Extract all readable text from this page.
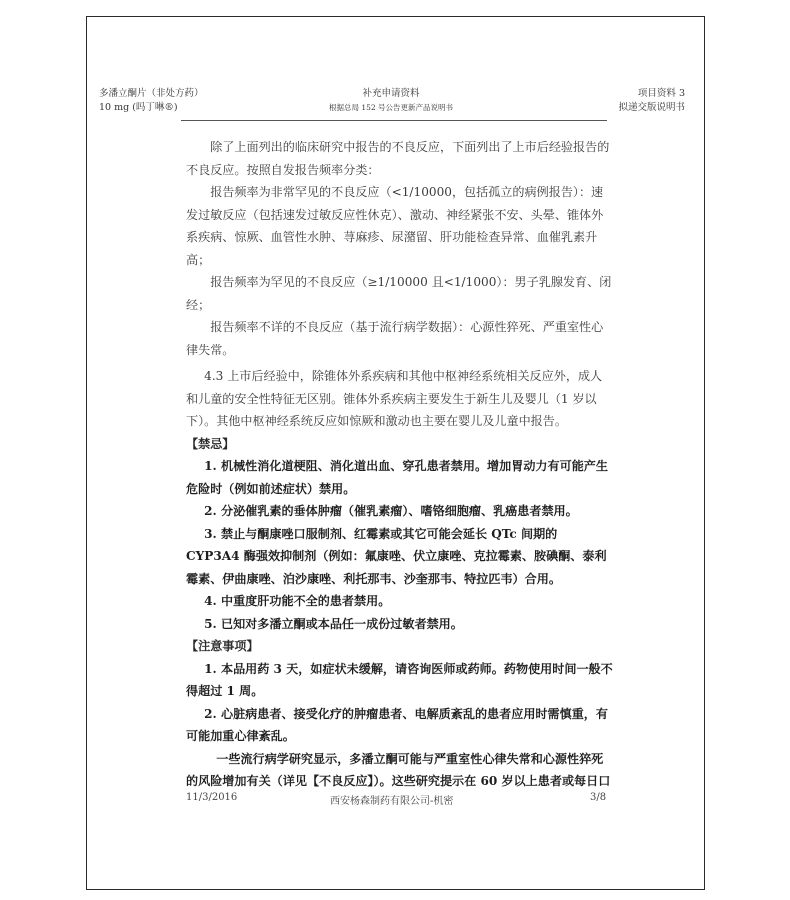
多潘立酮片（非处方药）
10 mg (吗丁啉®)
补充申请资料
根据总局 152 号公告更新产品说明书
项目资料 3
拟递交版说明书

除了上面列出的临床研究中报告的不良反应，下面列出了上市后经验报告的不良反应。按照自发报告频率分类：

报告频率为非常罕见的不良反应（<1/10000，包括孤立的病例报告）：速发过敏反应（包括速发过敏反应性休克）、激动、神经紧张不安、头晕、锥体外系疾病、惊厥、血管性水肿、荨麻疹、尿潴留、肝功能检查异常、血催乳素升高；

报告频率为罕见的不良反应（≥1/10000 且<1/1000）：男子乳腺发育、闭经；

报告频率不详的不良反应（基于流行病学数据）：心源性猝死、严重室性心律失常。

4.3 上市后经验中，除锥体外系疾病和其他中枢神经系统相关反应外，成人和儿童的安全性特征无区别。锥体外系疾病主要发生于新生儿及婴儿（1 岁以下）。其他中枢神经系统反应如惊厥和激动也主要在婴儿及儿童中报告。

【禁忌】

1. 机械性消化道梗阻、消化道出血、穿孔患者禁用。增加胃动力有可能产生危险时（例如前述症状）禁用。

2. 分泌催乳素的垂体肿瘤（催乳素瘤）、嗜铬细胞瘤、乳癌患者禁用。

3. 禁止与酮康唑口服制剂、红霉素或其它可能会延长 QTc 间期的 CYP3A4 酶强效抑制剂（例如：氟康唑、伏立康唑、克拉霉素、胺碘酮、泰利霉素、伊曲康唑、泊沙康唑、利托那韦、沙奎那韦、特拉匹韦）合用。

4. 中重度肝功能不全的患者禁用。

5. 已知对多潘立酮或本品任一成份过敏者禁用。

【注意事项】

1. 本品用药 3 天，如症状未缓解，请咨询医师或药师。药物使用时间一般不得超过 1 周。

2. 心脏病患者、接受化疗的肿瘤患者、电解质紊乱的患者应用时需慎重，有可能加重心律紊乱。

一些流行病学研究显示，多潘立酮可能与严重室性心律失常和心源性猝死的风险增加有关（详见【不良反应】）。这些研究提示在 60 岁以上患者或每日口

11/3/2016	西安杨森制药有限公司-机密	3/8
